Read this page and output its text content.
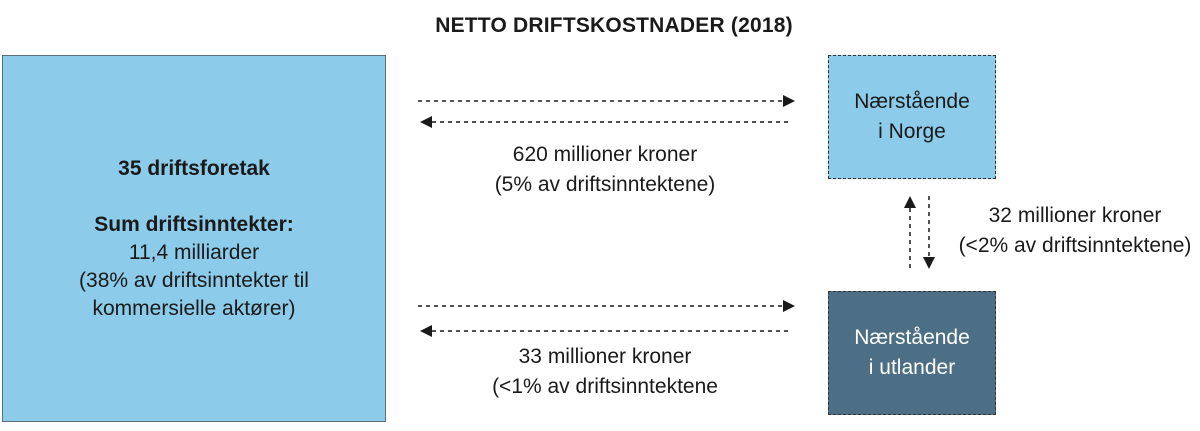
NETTO DRIFTSKOSTNADER (2018)
35 driftsforetak
Sum driftsinntekter:
11,4 milliarder
(38% av driftsinntekter til
kommersielle aktører)
Nærstående
i Norge
Nærstående
i utlander
620 millioner kroner
(5% av driftsinntektene)
33 millioner kroner
(<1% av driftsinntektene
32 millioner kroner
(<2% av driftsinntektene)
